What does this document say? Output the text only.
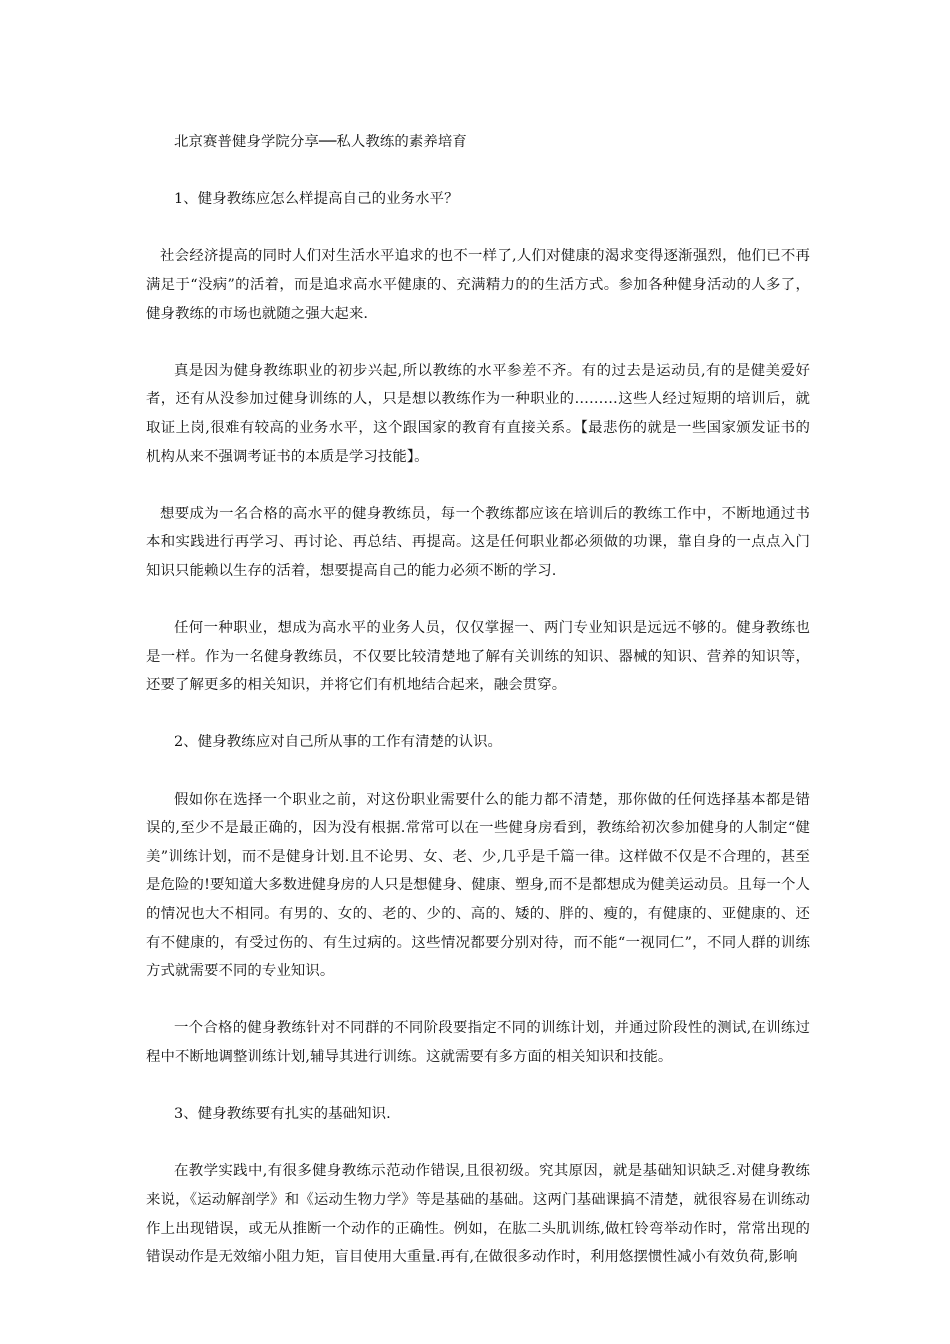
北京赛普健身学院分享──私人教练的素养培育

1、健身教练应怎么样提高自己的业务水平？

社会经济提高的同时人们对生活水平追求的也不一样了,人们对健康的渴求变得逐渐强烈，他们已不再满足于“没病”的活着，而是追求高水平健康的、充满精力的的生活方式。参加各种健身活动的人多了，健身教练的市场也就随之强大起来.

真是因为健身教练职业的初步兴起,所以教练的水平参差不齐。有的过去是运动员,有的是健美爱好者，还有从没参加过健身训练的人，只是想以教练作为一种职业的………这些人经过短期的培训后，就取证上岗,很难有较高的业务水平，这个跟国家的教育有直接关系。【最悲伤的就是一些国家颁发证书的机构从来不强调考证书的本质是学习技能】。

想要成为一名合格的高水平的健身教练员，每一个教练都应该在培训后的教练工作中，不断地通过书本和实践进行再学习、再讨论、再总结、再提高。这是任何职业都必须做的功课，靠自身的一点点入门知识只能赖以生存的活着，想要提高自己的能力必须不断的学习.

任何一种职业，想成为高水平的业务人员，仅仅掌握一、两门专业知识是远远不够的。健身教练也是一样。作为一名健身教练员，不仅要比较清楚地了解有关训练的知识、器械的知识、营养的知识等，还要了解更多的相关知识，并将它们有机地结合起来，融会贯穿。

2、健身教练应对自己所从事的工作有清楚的认识。

假如你在选择一个职业之前，对这份职业需要什么的能力都不清楚，那你做的任何选择基本都是错误的,至少不是最正确的，因为没有根据.常常可以在一些健身房看到，教练给初次参加健身的人制定“健美”训练计划，而不是健身计划.且不论男、女、老、少,几乎是千篇一律。这样做不仅是不合理的，甚至是危险的!要知道大多数进健身房的人只是想健身、健康、塑身,而不是都想成为健美运动员。且每一个人的情况也大不相同。有男的、女的、老的、少的、高的、矮的、胖的、瘦的，有健康的、亚健康的、还有不健康的，有受过伤的、有生过病的。这些情况都要分别对待，而不能“一视同仁”，不同人群的训练方式就需要不同的专业知识。

一个合格的健身教练针对不同群的不同阶段要指定不同的训练计划，并通过阶段性的测试,在训练过程中不断地调整训练计划,辅导其进行训练。这就需要有多方面的相关知识和技能。

3、健身教练要有扎实的基础知识.

在教学实践中,有很多健身教练示范动作错误,且很初级。究其原因，就是基础知识缺乏.对健身教练来说，《运动解剖学》和《运动生物力学》等是基础的基础。这两门基础课搞不清楚，就很容易在训练动作上出现错误，或无从推断一个动作的正确性。例如，在肱二头肌训练,做杠铃弯举动作时，常常出现的错误动作是无效缩小阻力矩，盲目使用大重量.再有,在做很多动作时，利用悠摆惯性减小有效负荷,影响
